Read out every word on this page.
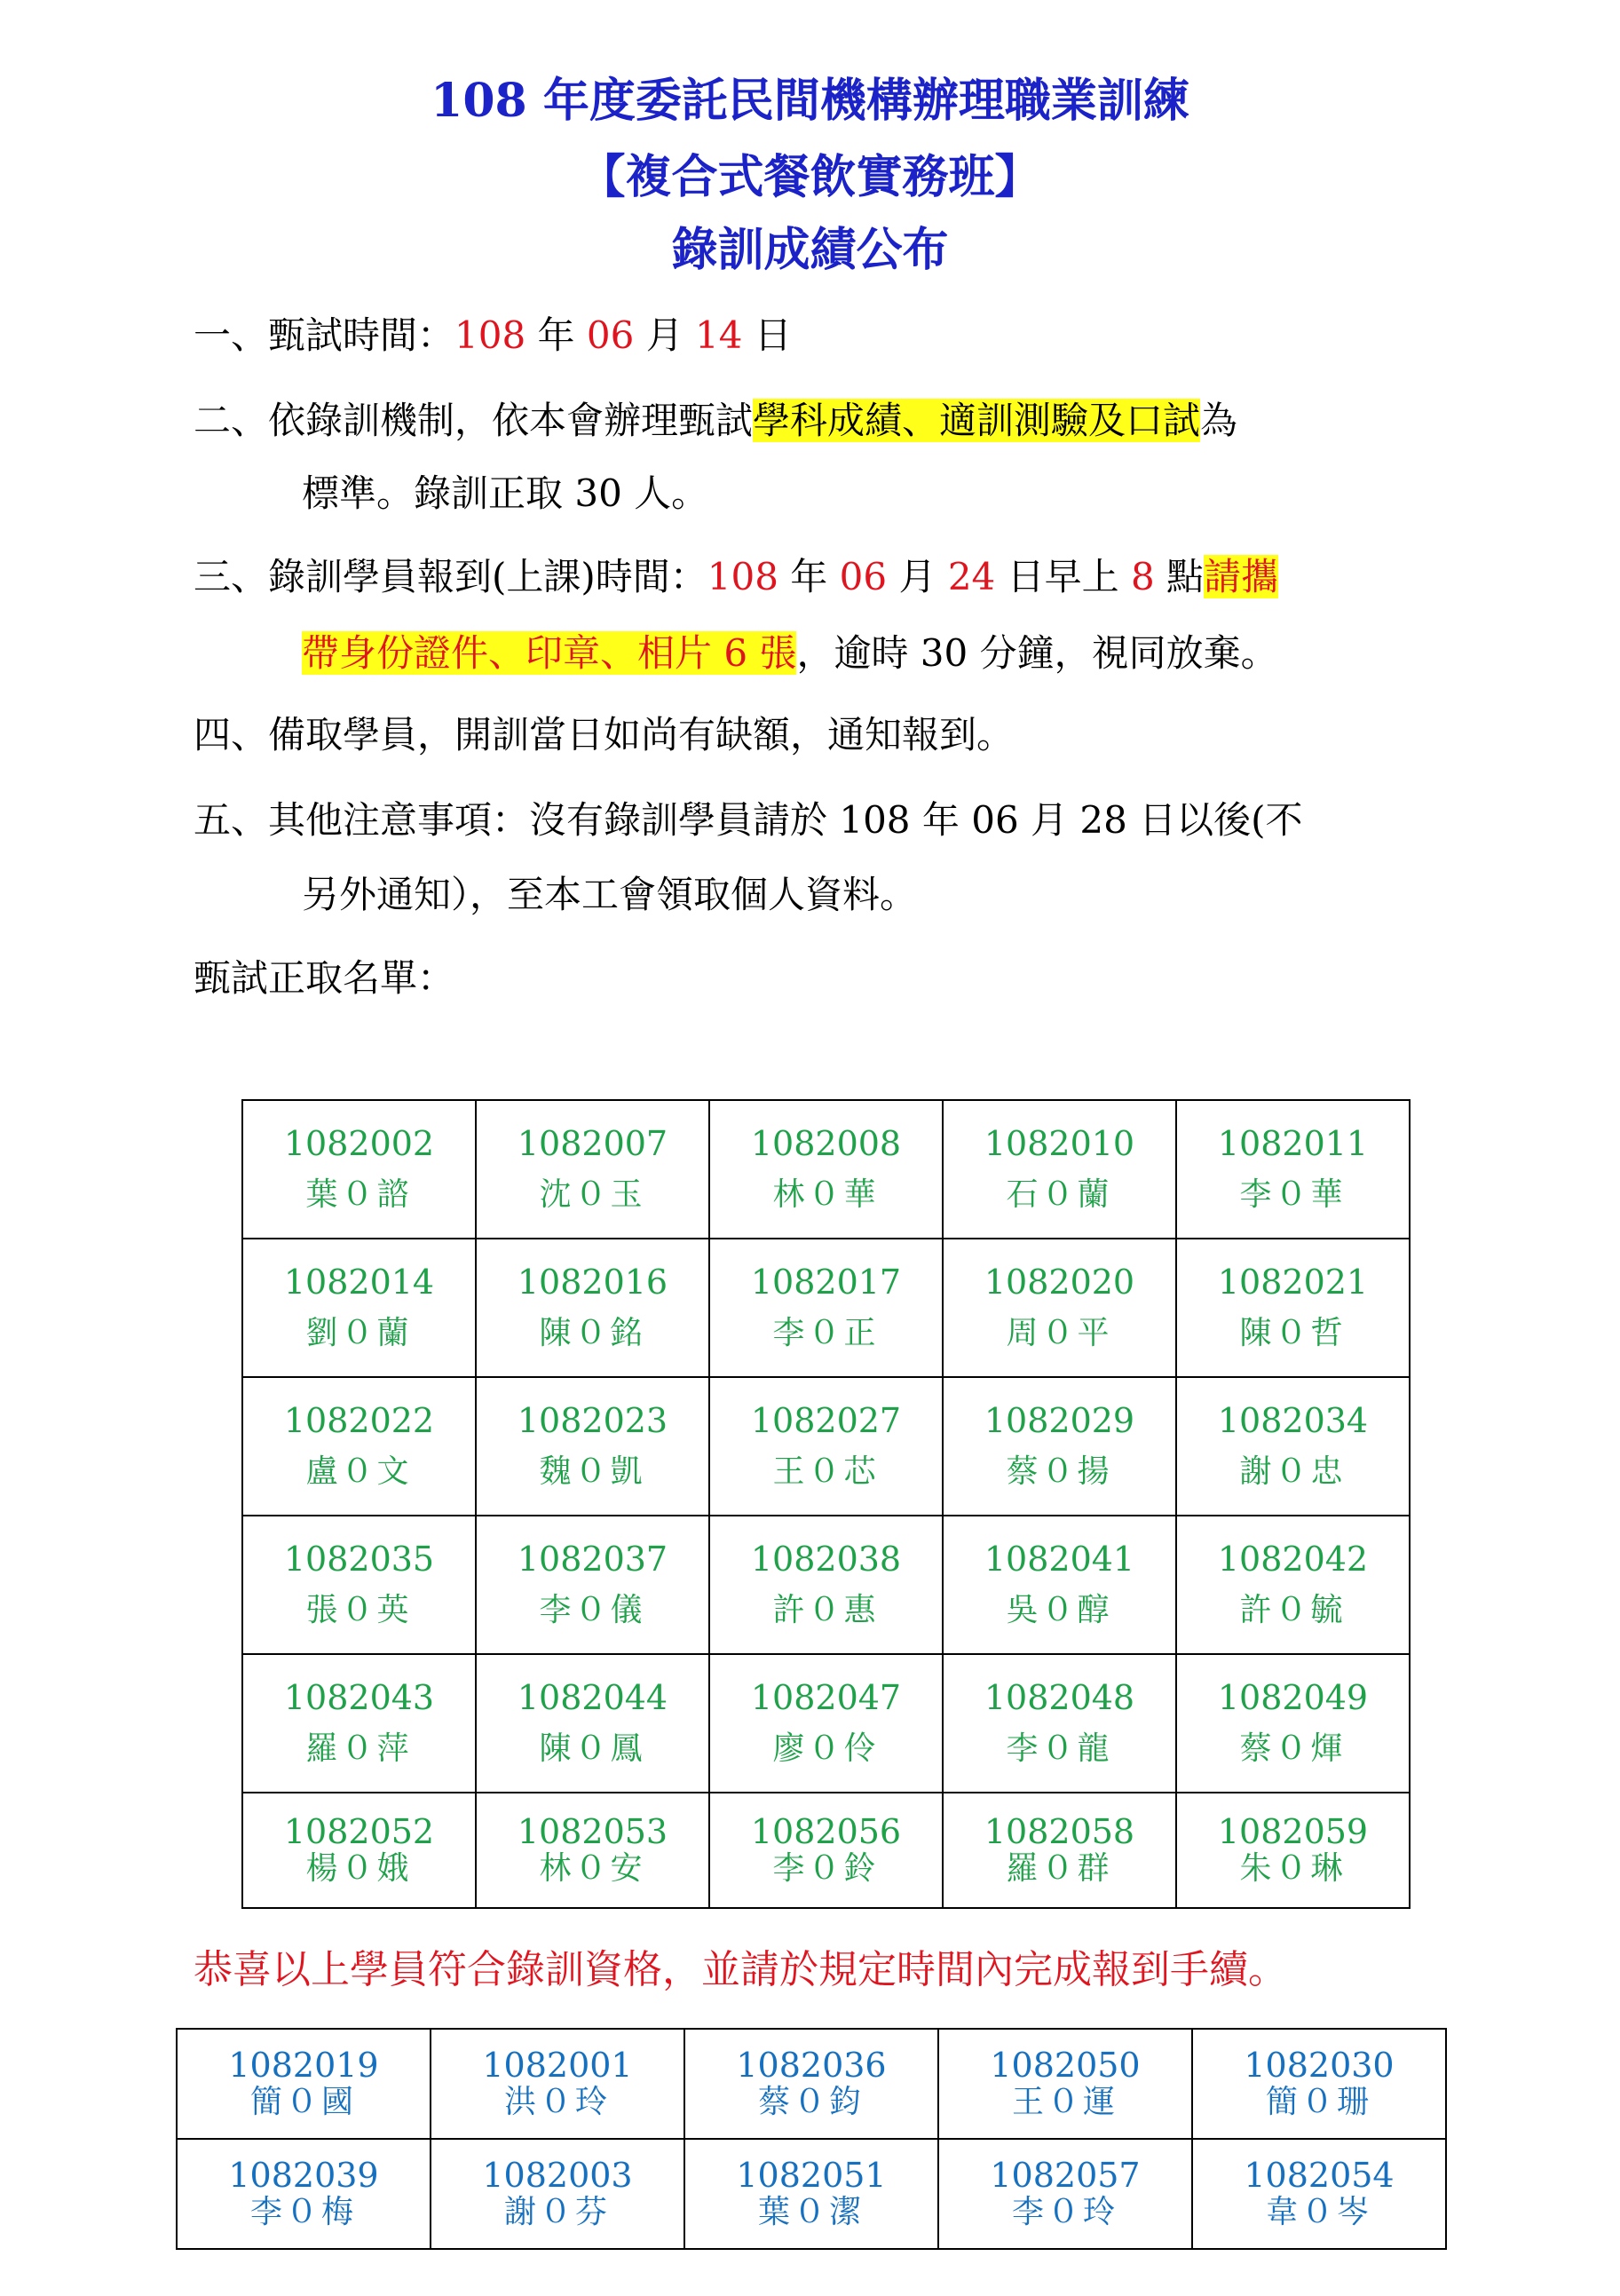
108 年度委託民間機構辦理職業訓練
【複合式餐飲實務班】
錄訓成績公布
一、甄試時間：108 年 06 月 14 日
二、依錄訓機制，依本會辦理甄試學科成績、適訓測驗及口試為
標準。錄訓正取 30 人。
三、錄訓學員報到(上課)時間：108 年 06 月 24 日早上 8 點請攜
帶身份證件、印章、相片 6 張，逾時 30 分鐘，視同放棄。
四、備取學員，開訓當日如尚有缺額，通知報到。
五、其他注意事項：沒有錄訓學員請於 108 年 06 月 28 日以後(不
另外通知），至本工會領取個人資料。
甄試正取名單：
1082002
葉０諮	1082007
沈０玉	1082008
林０華	1082010
石０蘭	1082011
李０華

1082014
劉０蘭	1082016
陳０銘	1082017
李０正	1082020
周０平	1082021
陳０哲

1082022
盧０文	1082023
魏０凱	1082027
王０芯	1082029
蔡０揚	1082034
謝０忠

1082035
張０英	1082037
李０儀	1082038
許０惠	1082041
吳０醇	1082042
許０毓

1082043
羅０萍	1082044
陳０鳳	1082047
廖０伶	1082048
李０龍	1082049
蔡０煇

1082052
楊０娥	1082053
林０安	1082056
李０鈴	1082058
羅０群	1082059
朱０琳
恭喜以上學員符合錄訓資格，並請於規定時間內完成報到手續。
1082019
簡０國	1082001
洪０玲	1082036
蔡０鈞	1082050
王０運	1082030
簡０珊

1082039
李０梅	1082003
謝０芬	1082051
葉０潔	1082057
李０玲	1082054
韋０岑
